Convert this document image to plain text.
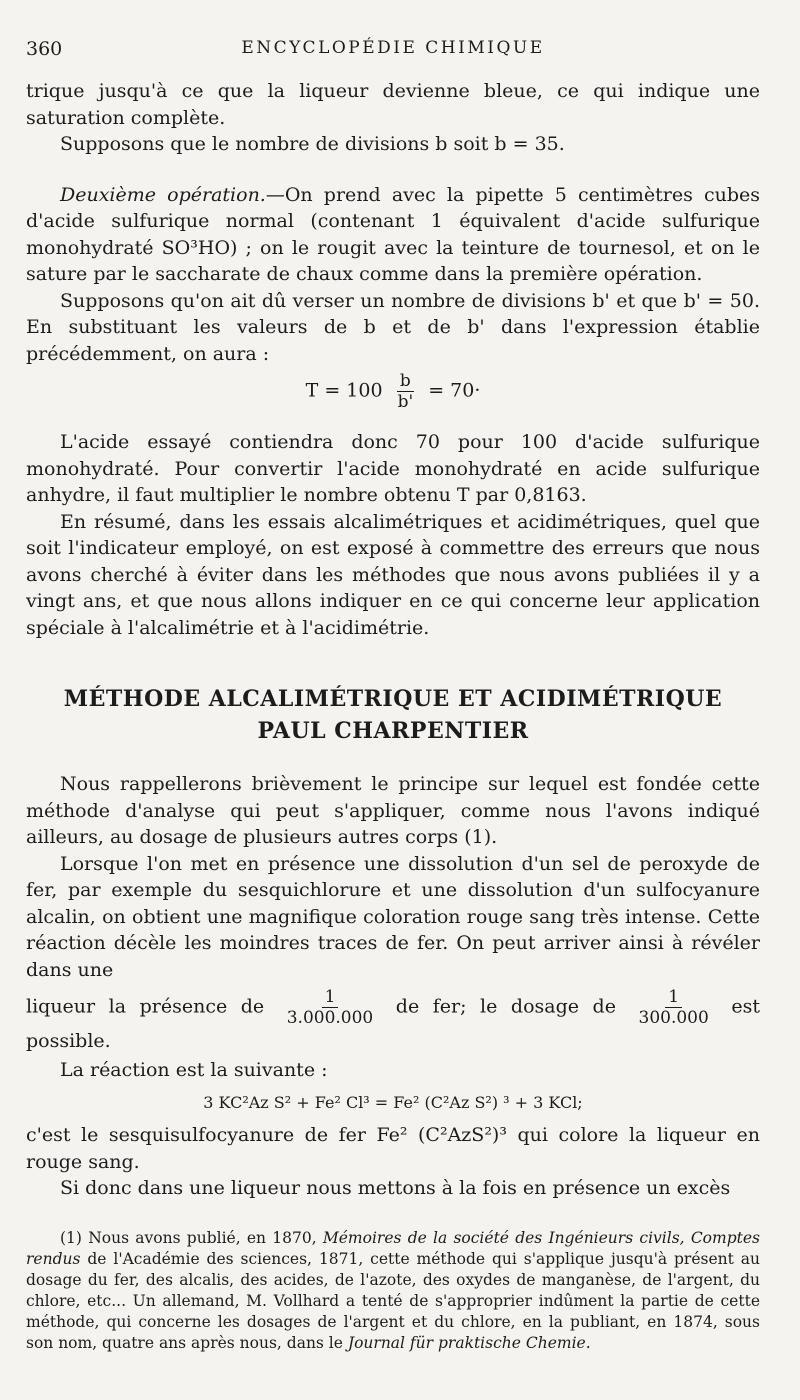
360	ENCYCLOPÉDIE CHIMIQUE

trique jusqu'à ce que la liqueur devienne bleue, ce qui indique une saturation complète.

Supposons que le nombre de divisions b soit b = 35.

Deuxième opération.—On prend avec la pipette 5 centimètres cubes d'acide sulfurique normal (contenant 1 équivalent d'acide sulfurique monohydraté SO³HO) ; on le rougit avec la teinture de tournesol, et on le sature par le saccharate de chaux comme dans la première opération.

Supposons qu'on ait dû verser un nombre de divisions b' et que b' = 50. En substituant les valeurs de b et de b' dans l'expression établie précédemment, on aura :

$T = 100 \frac{b}{b'} = 70\cdot$

L'acide essayé contiendra donc 70 pour 100 d'acide sulfurique monohydraté. Pour convertir l'acide monohydraté en acide sulfurique anhydre, il faut multiplier le nombre obtenu T par 0,8163.

En résumé, dans les essais alcalimétriques et acidimétriques, quel que soit l'indicateur employé, on est exposé à commettre des erreurs que nous avons cherché à éviter dans les méthodes que nous avons publiées il y a vingt ans, et que nous allons indiquer en ce qui concerne leur application spéciale à l'alcalimétrie et à l'acidimétrie.

MÉTHODE ALCALIMÉTRIQUE ET ACIDIMÉTRIQUE
PAUL CHARPENTIER

Nous rappellerons brièvement le principe sur lequel est fondée cette méthode d'analyse qui peut s'appliquer, comme nous l'avons indiqué ailleurs, au dosage de plusieurs autres corps (1).

Lorsque l'on met en présence une dissolution d'un sel de peroxyde de fer, par exemple du sesquichlorure et une dissolution d'un sulfocyanure alcalin, on obtient une magnifique coloration rouge sang très intense. Cette réaction décèle les moindres traces de fer. On peut arriver ainsi à révéler dans une

liqueur la présence de $\frac{1}{3.000.000}$ de fer; le dosage de $\frac{1}{300.000}$ est possible.

La réaction est la suivante :

3 KC²Az S² + Fe² Cl³ = Fe² (C²Az S²) ³ + 3 KCl;

c'est le sesquisulfocyanure de fer Fe² (C²AzS²)³ qui colore la liqueur en rouge sang.

Si donc dans une liqueur nous mettons à la fois en présence un excès

(1) Nous avons publié, en 1870, Mémoires de la société des Ingénieurs civils, Comptes rendus de l'Académie des sciences, 1871, cette méthode qui s'applique jusqu'à présent au dosage du fer, des alcalis, des acides, de l'azote, des oxydes de manganèse, de l'argent, du chlore, etc... Un allemand, M. Vollhard a tenté de s'approprier indûment la partie de cette méthode, qui concerne les dosages de l'argent et du chlore, en la publiant, en 1874, sous son nom, quatre ans après nous, dans le Journal für praktische Chemie.
